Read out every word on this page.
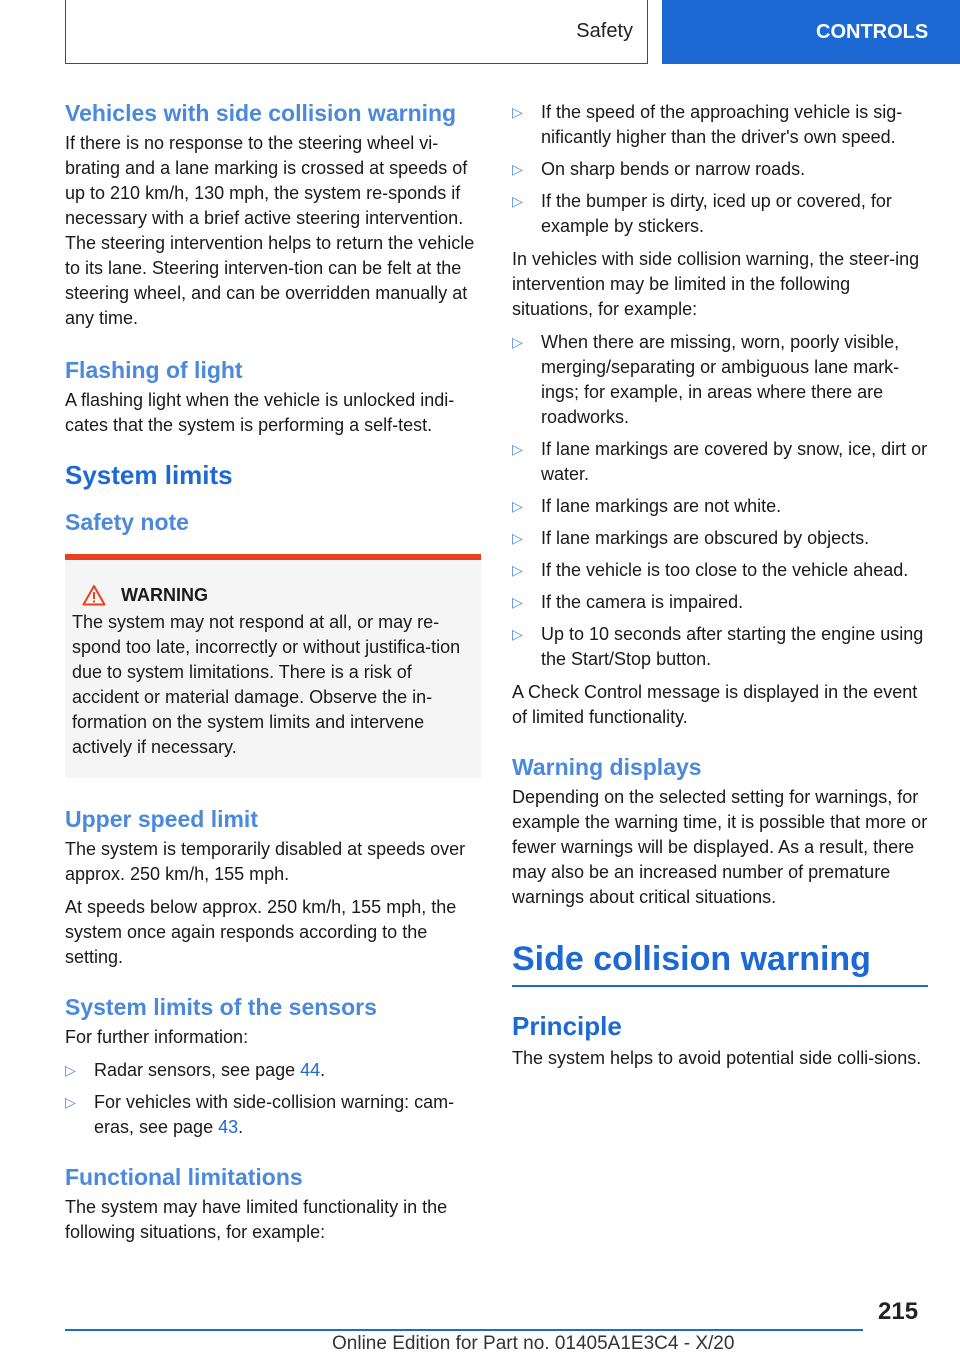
Safety	CONTROLS
Vehicles with side collision warning

If there is no response to the steering wheel vi-brating and a lane marking is crossed at speeds of up to 210 km/h, 130 mph, the system re-sponds if necessary with a brief active steering intervention. The steering intervention helps to return the vehicle to its lane. Steering interven-tion can be felt at the steering wheel, and can be overridden manually at any time.

Flashing of light

A flashing light when the vehicle is unlocked indi-cates that the system is performing a self-test.

System limits
Safety note
WARNING

The system may not respond at all, or may re-spond too late, incorrectly or without justifica-tion due to system limitations. There is a risk of accident or material damage. Observe the in-formation on the system limits and intervene actively if necessary.

Upper speed limit

The system is temporarily disabled at speeds over approx. 250 km/h, 155 mph.

At speeds below approx. 250 km/h, 155 mph, the system once again responds according to the setting.

System limits of the sensors

For further information:

▷ Radar sensors, see page 44.
▷ For vehicles with side-collision warning: cam-eras, see page 43.
Functional limitations

The system may have limited functionality in the following situations, for example:

▷ If the speed of the approaching vehicle is sig-nificantly higher than the driver's own speed.
▷ On sharp bends or narrow roads.
▷ If the bumper is dirty, iced up or covered, for example by stickers.

In vehicles with side collision warning, the steer-ing intervention may be limited in the following situations, for example:

▷ When there are missing, worn, poorly visible, merging/separating or ambiguous lane mark-ings; for example, in areas where there are roadworks.
▷ If lane markings are covered by snow, ice, dirt or water.
▷ If lane markings are not white.
▷ If lane markings are obscured by objects.
▷ If the vehicle is too close to the vehicle ahead.
▷ If the camera is impaired.
▷ Up to 10 seconds after starting the engine using the Start/Stop button.

A Check Control message is displayed in the event of limited functionality.

Warning displays

Depending on the selected setting for warnings, for example the warning time, it is possible that more or fewer warnings will be displayed. As a result, there may also be an increased number of premature warnings about critical situations.

Side collision warning
Principle

The system helps to avoid potential side colli-sions.

215
Online Edition for Part no. 01405A1E3C4 - X/20
